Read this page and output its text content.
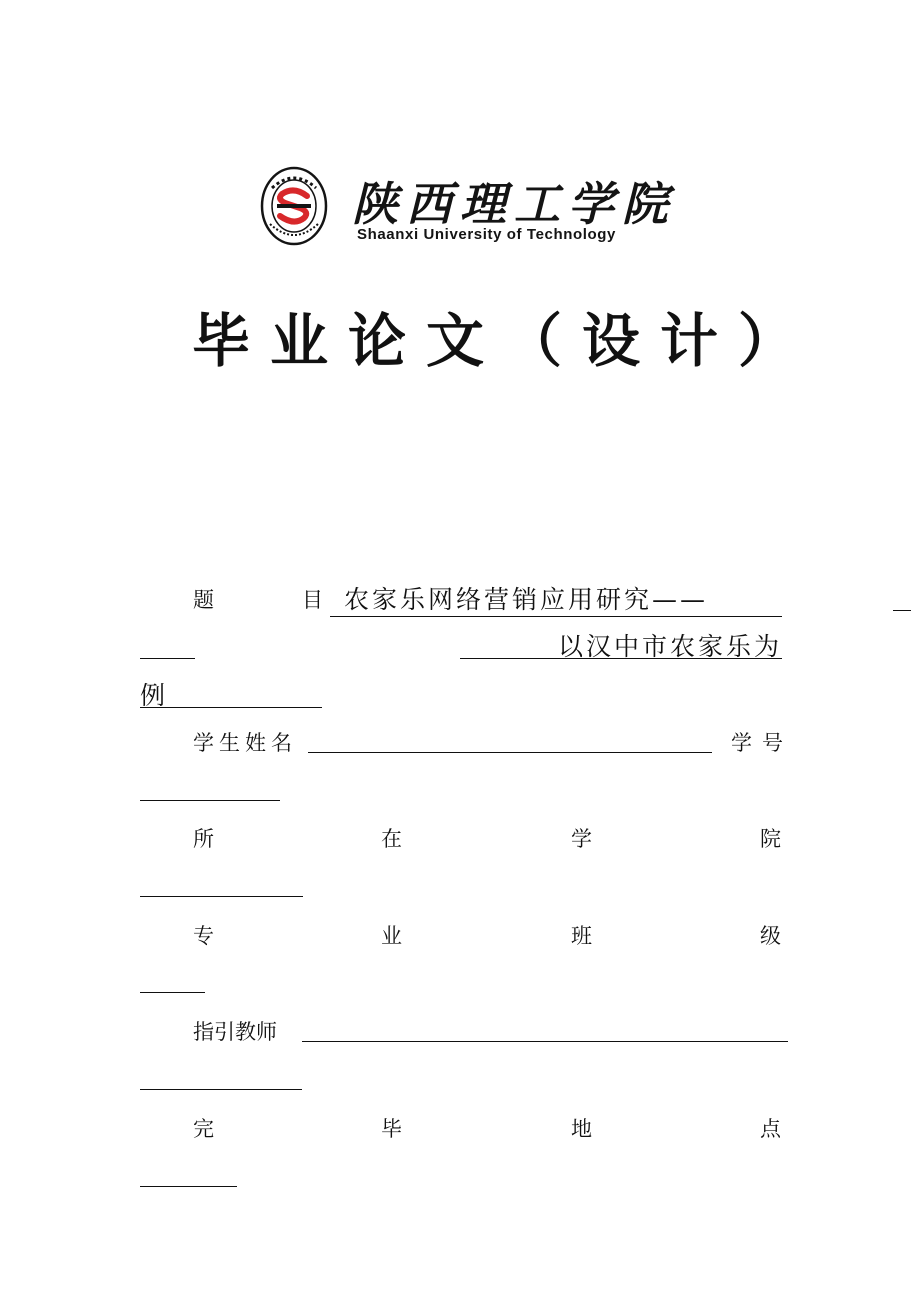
陕西理工学院
Shaanxi University of Technology
毕业论文（设计）
题	目 农家乐网络营销应用研究——
以汉中市农家乐为
例
学生姓名	学号
所	在	学	院
专	业	班	级
指引教师
完	毕	地	点
